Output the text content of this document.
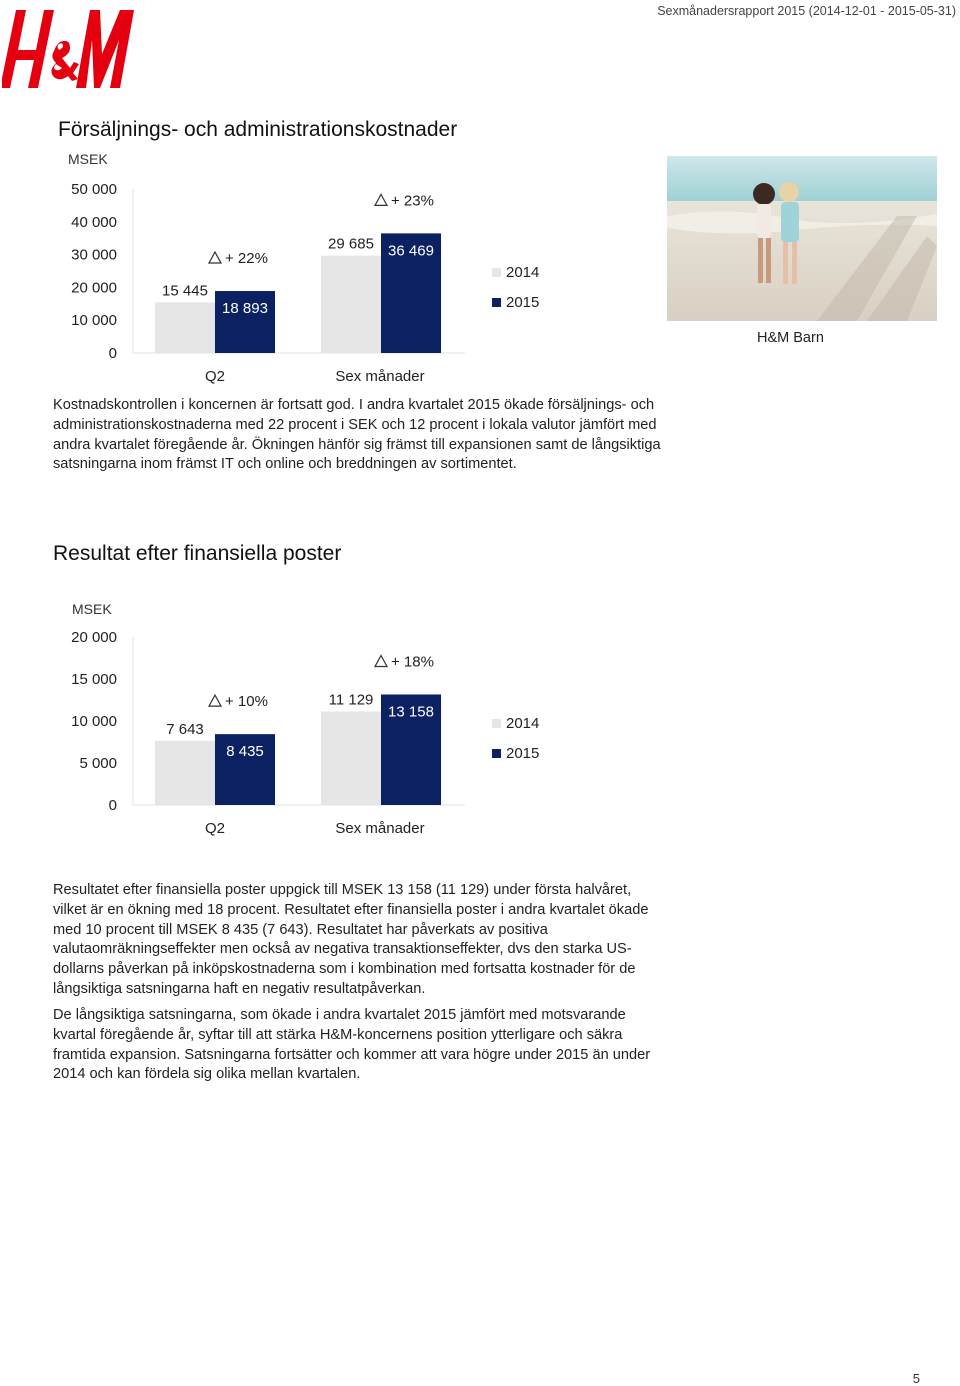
Sexmånadersrapport 2015 (2014-12-01 - 2015-05-31)
Försäljnings- och administrationskostnader
MSEK
0
10 000
20 000
30 000
40 000
50 000
15 445
18 893
+ 22%
Q2
29 685 36 469
+ 23%
Sex månader
2014
2015
Kostnadskontrollen i koncernen är fortsatt god. I andra kvartalet 2015 ökade försäljnings- och administrationskostnaderna med 22 procent i SEK och 12 procent i lokala valutor jämfört med andra kvartalet föregående år. Ökningen hänför sig främst till expansionen samt de långsiktiga satsningarna inom främst IT och online och breddningen av sortimentet.
H&M Barn
Resultat efter finansiella poster
MSEK
0
5 000
10 000
15 000
20 000
7 643
8 435
+ 10%
Q2
11 129
13 158
+ 18%
Sex månader
2014
2015
Resultatet efter finansiella poster uppgick till MSEK 13 158 (11 129) under första halvåret, vilket är en ökning med 18 procent. Resultatet efter finansiella poster i andra kvartalet ökade med 10 procent till MSEK 8 435 (7 643). Resultatet har påverkats av positiva valutaomräkningseffekter men också av negativa transaktionseffekter, dvs den starka US-dollarns påverkan på inköpskostnaderna som i kombination med fortsatta kostnader för de långsiktiga satsningarna haft en negativ resultatpåverkan.
De långsiktiga satsningarna, som ökade i andra kvartalet 2015 jämfört med motsvarande kvartal föregående år, syftar till att stärka H&M-koncernens position ytterligare och säkra framtida expansion. Satsningarna fortsätter och kommer att vara högre under 2015 än under 2014 och kan fördela sig olika mellan kvartalen.
5
